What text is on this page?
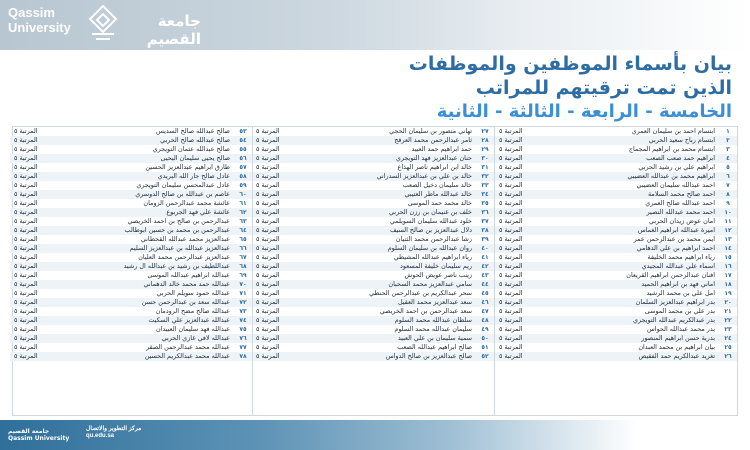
Qassim
University	جامعة القصيم
بيان بأسماء الموظفين والموظفات
الذين تمت ترقيتهم للمراتب
الخامسة - الرابعة - الثالثة - الثانية
١
ابتسام احمد بن سليمان العمري
المرتبة ٥
٢
ابتسام رباح سعيد الحربي
المرتبة ٥
٣
ابتسام محمد بن ابراهيم المجماج
المرتبة ٥
٤
ابراهيم حمد صعب الصعب
المرتبة ٥
٥
ابراهيم علي بن رشيد الحربي
المرتبة ٥
٦
ابراهيم محمد بن عبدالله العضيبي
المرتبة ٥
٧
احمد عبدالله سليمان العضيبي
المرتبة ٥
٨
احمد صالح محمد السلامة
المرتبة ٥
٩
احمد عبدالله صالح العمري
المرتبة ٥
١٠
احمد محمد عبدالله النصير
المرتبة ٥
١١
امان عوض زيدان الحربي
المرتبة ٥
١٢
اميرة عبدالله ابراهيم الغماس
المرتبة ٥
١٣
ايمن محمد بن عبدالرحمن عمر
المرتبة ٥
١٤
احمد ابراهيم بن علي الدهامي
المرتبة ٥
١٥
رياء ابراهيم محمد الخليفة
المرتبة ٥
١٦
اسماء علي عبدالله المجيدي
المرتبة ٥
١٧
افنان عبدالرحمن ابراهيم القريعان
المرتبة ٥
١٨
اماني فهد بن ابراهيم الحميد
المرتبة ٥
١٩
امل علي بن محمد الرشيد
المرتبة ٥
٢٠
بدر ابراهيم عبدالعزيز السلمان
المرتبة ٥
٢١
بدر علي بن محمد الموسى
المرتبة ٥
٢٢
بدر عبدالكريم عبدالله التويجري
المرتبة ٥
٢٣
بدر محمد عبدالله الحواس
المرتبة ٥
٢٤
بدرية حسن ابراهيم المنصور
المرتبة ٥
٢٥
بيان ابراهيم بن محمد العبدان
المرتبة ٥
٢٦
تغريد عبدالكريم حمد الفقيص
المرتبة ٥
٢٧
تهاني منصور بن سليمان الحجي
المرتبة ٥
٢٨
ثامر عبدالرحمن محمد العرفج
المرتبة ٥
٢٩
حمد ابراهيم حمد العبيد
المرتبة ٥
٣٠
حنان عبدالعزيز فهد التويجري
المرتبة ٥
٣١
خالد ابن ابراهيم ناصر الهذاع
المرتبة ٥
٣٢
خالد بن علي بن عبدالعزيز السدراني
المرتبة ٥
٣٣
خالد سليمان دخيل الصعب
المرتبة ٥
٣٤
خالد عبدالله ماطر العتيبي
المرتبة ٥
٣٥
خالد محمد حمد الموسى
المرتبة ٥
٣٦
خلف بن غنيمان بن رزن الحربي
المرتبة ٥
٣٧
خلود عبدالله سليمان السويلمي
المرتبة ٥
٣٨
دلال عبدالعزيز بن صالح السيف
المرتبة ٥
٣٩
رشا عبدالرحمن محمد الثنيان
المرتبة ٥
٤٠
روان عبدالله بن سليمان السلوم
المرتبة ٥
٤١
رياء ابراهيم عبدالله المشيطي
المرتبة ٥
٤٢
ريم سليمان خليفة المسعود
المرتبة ٥
٤٣
زينب ناصر عويض الحوش
المرتبة ٥
٤٤
سامي عبدالعزيز محمد السحبان
المرتبة ٥
٤٥
سحر عبدالكريم بن عبدالرحمن الحنطي
المرتبة ٥
٤٦
سعد عبدالعزيز محمد العقيل
المرتبة ٥
٤٧
سعد عبدالرحمن بن احمد الخريصي
المرتبة ٥
٤٨
سلطان عبدالله محمد السلوم
المرتبة ٥
٤٩
سليمان عبدالله محمد السلوم
المرتبة ٥
٥٠
سمية سليمان بن علي العبيد
المرتبة ٥
٥١
صالح ابراهيم عبدالله الصعب
المرتبة ٥
٥٢
صالح عبدالعزيز بن صالح الدواس
المرتبة ٥
٥٣
صالح عبدالله صالح السديس
المرتبة ٥
٥٤
صالح عبدالله صالح الحربي
المرتبة ٥
٥٥
صالح عبدالله عثمان التويجري
المرتبة ٥
٥٦
صالح يحيى سليمان اليحيى
المرتبة ٥
٥٧
طارق ابراهيم عبدالعزيز الحسين
المرتبة ٥
٥٨
عادل صالح جار الله البريدي
المرتبة ٥
٥٩
عادل عبدالمحسن سليمان التويجري
المرتبة ٥
٦٠
عاصم بن عبدالله بن صالح الدوسري
المرتبة ٥
٦١
عائشة محمد عبدالرحمن الزومان
المرتبة ٥
٦٢
عائشة علي فهد الجربوع
المرتبة ٥
٦٣
عبدالرحمن بن صالح بن احمد الخريصي
المرتبة ٥
٦٤
عبدالرحمن بن محمد بن حسين ابوطالب
المرتبة ٥
٦٥
عبدالعزيز محمد عبدالله القحطاني
المرتبة ٥
٦٦
عبدالعزيز عبدالله بن عبدالعزيز السليم
المرتبة ٥
٦٧
عبدالعزيز عبدالرحمن محمد العليان
المرتبة ٥
٦٨
عبداللطيف بن رشيد بن عبدالله ال رشيد
المرتبة ٥
٦٩
عبدالله ابراهيم عبدالله الموسى
المرتبة ٥
٧٠
عبدالله حمد محمد خالد الدهماني
المرتبة ٥
٧١
عبدالله حمود سويلم الحربي
المرتبة ٥
٧٢
عبدالله سعد بن عبدالرحمن حسن
المرتبة ٥
٧٣
عبدالله صالح مضح الرودمان
المرتبة ٥
٧٤
عبدالله عبدالعزيز علي السكيت
المرتبة ٥
٧٥
عبدالله فهد سليمان العبيدان
المرتبة ٥
٧٦
عبدالله لافي غازي الحربي
المرتبة ٥
٧٧
عبدالله محمد عبدالرحمن الصقر
المرتبة ٥
٧٨
عبدالله محمد عبدالكريم الحسين
المرتبة ٥
جامعة القصيم
Qassim University
مركز التطوير والاتصال
qu.edu.sa
